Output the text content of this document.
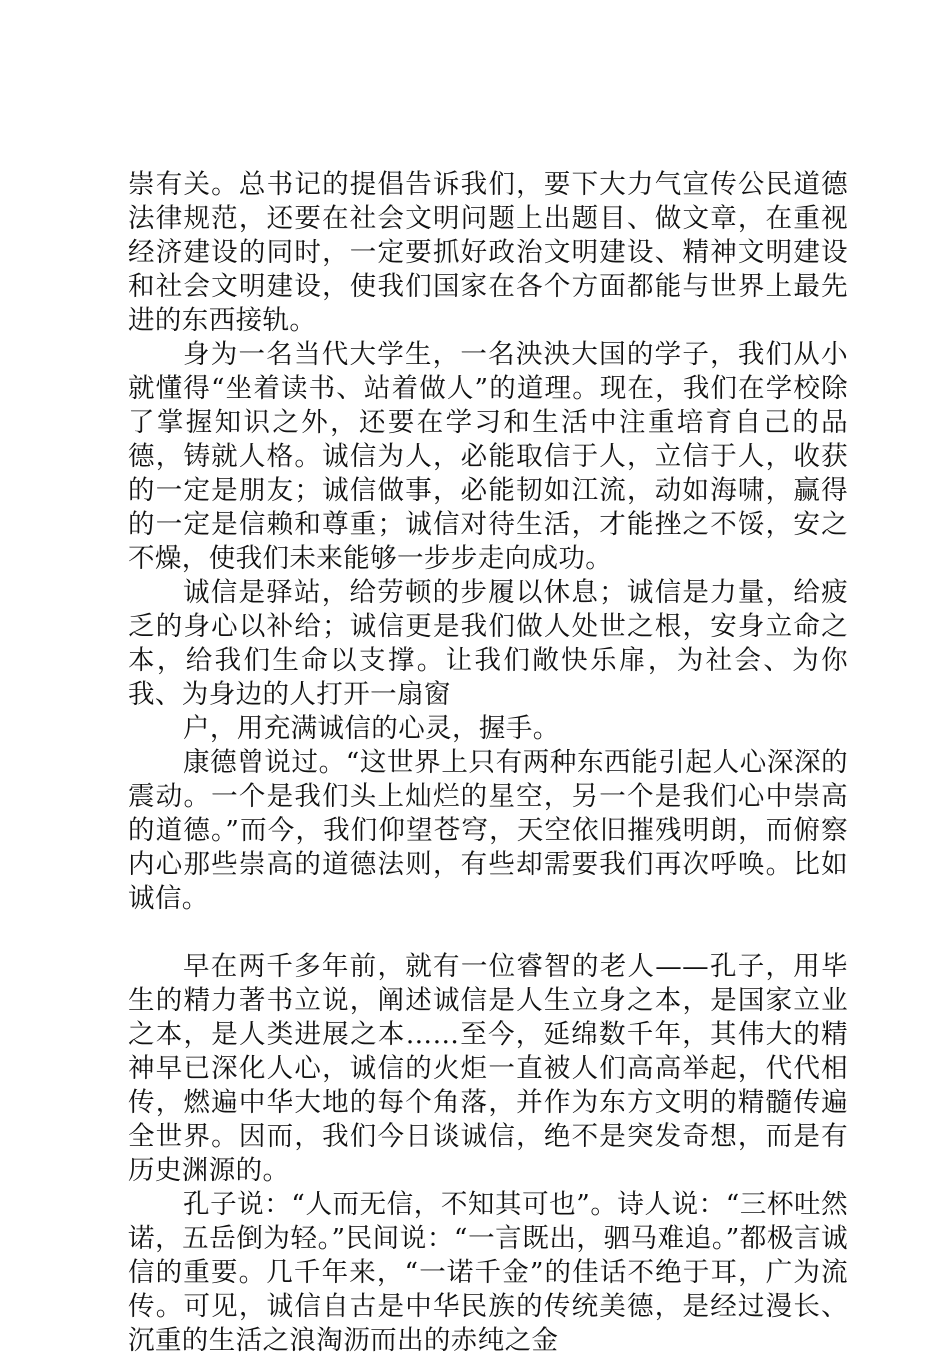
崇有关。总书记的提倡告诉我们，要下大力气宣传公民道德法律规范，还要在社会文明问题上出题目、做文章，在重视经济建设的同时，一定要抓好政治文明建设、精神文明建设和社会文明建设，使我们国家在各个方面都能与世界上最先进的东西接轨。

身为一名当代大学生，一名泱泱大国的学子，我们从小就懂得“坐着读书、站着做人”的道理。现在，我们在学校除了掌握知识之外，还要在学习和生活中注重培育自己的品德，铸就人格。诚信为人，必能取信于人，立信于人，收获的一定是朋友；诚信做事，必能韧如江流，动如海啸，赢得的一定是信赖和尊重；诚信对待生活，才能挫之不馁，安之不燥，使我们未来能够一步步走向成功。

诚信是驿站，给劳顿的步履以休息；诚信是力量，给疲乏的身心以补给；诚信更是我们做人处世之根，安身立命之本，给我们生命以支撑。让我们敞快乐扉，为社会、为你我、为身边的人打开一扇窗

户，用充满诚信的心灵，握手。

康德曾说过。“这世界上只有两种东西能引起人心深深的震动。一个是我们头上灿烂的星空，另一个是我们心中崇高的道德。”而今，我们仰望苍穹，天空依旧摧残明朗，而俯察内心那些崇高的道德法则，有些却需要我们再次呼唤。比如诚信。

早在两千多年前，就有一位睿智的老人——孔子，用毕生的精力著书立说，阐述诚信是人生立身之本，是国家立业之本，是人类进展之本……至今，延绵数千年，其伟大的精神早已深化人心，诚信的火炬一直被人们高高举起，代代相传，燃遍中华大地的每个角落，并作为东方文明的精髓传遍全世界。因而，我们今日谈诚信，绝不是突发奇想，而是有历史渊源的。

孔子说：“人而无信，不知其可也”。诗人说：“三杯吐然诺，五岳倒为轻。”民间说：“一言既出，驷马难追。”都极言诚信的重要。几千年来，“一诺千金”的佳话不绝于耳，广为流传。可见，诚信自古是中华民族的传统美德，是经过漫长、沉重的生活之浪淘沥而出的赤纯之金
